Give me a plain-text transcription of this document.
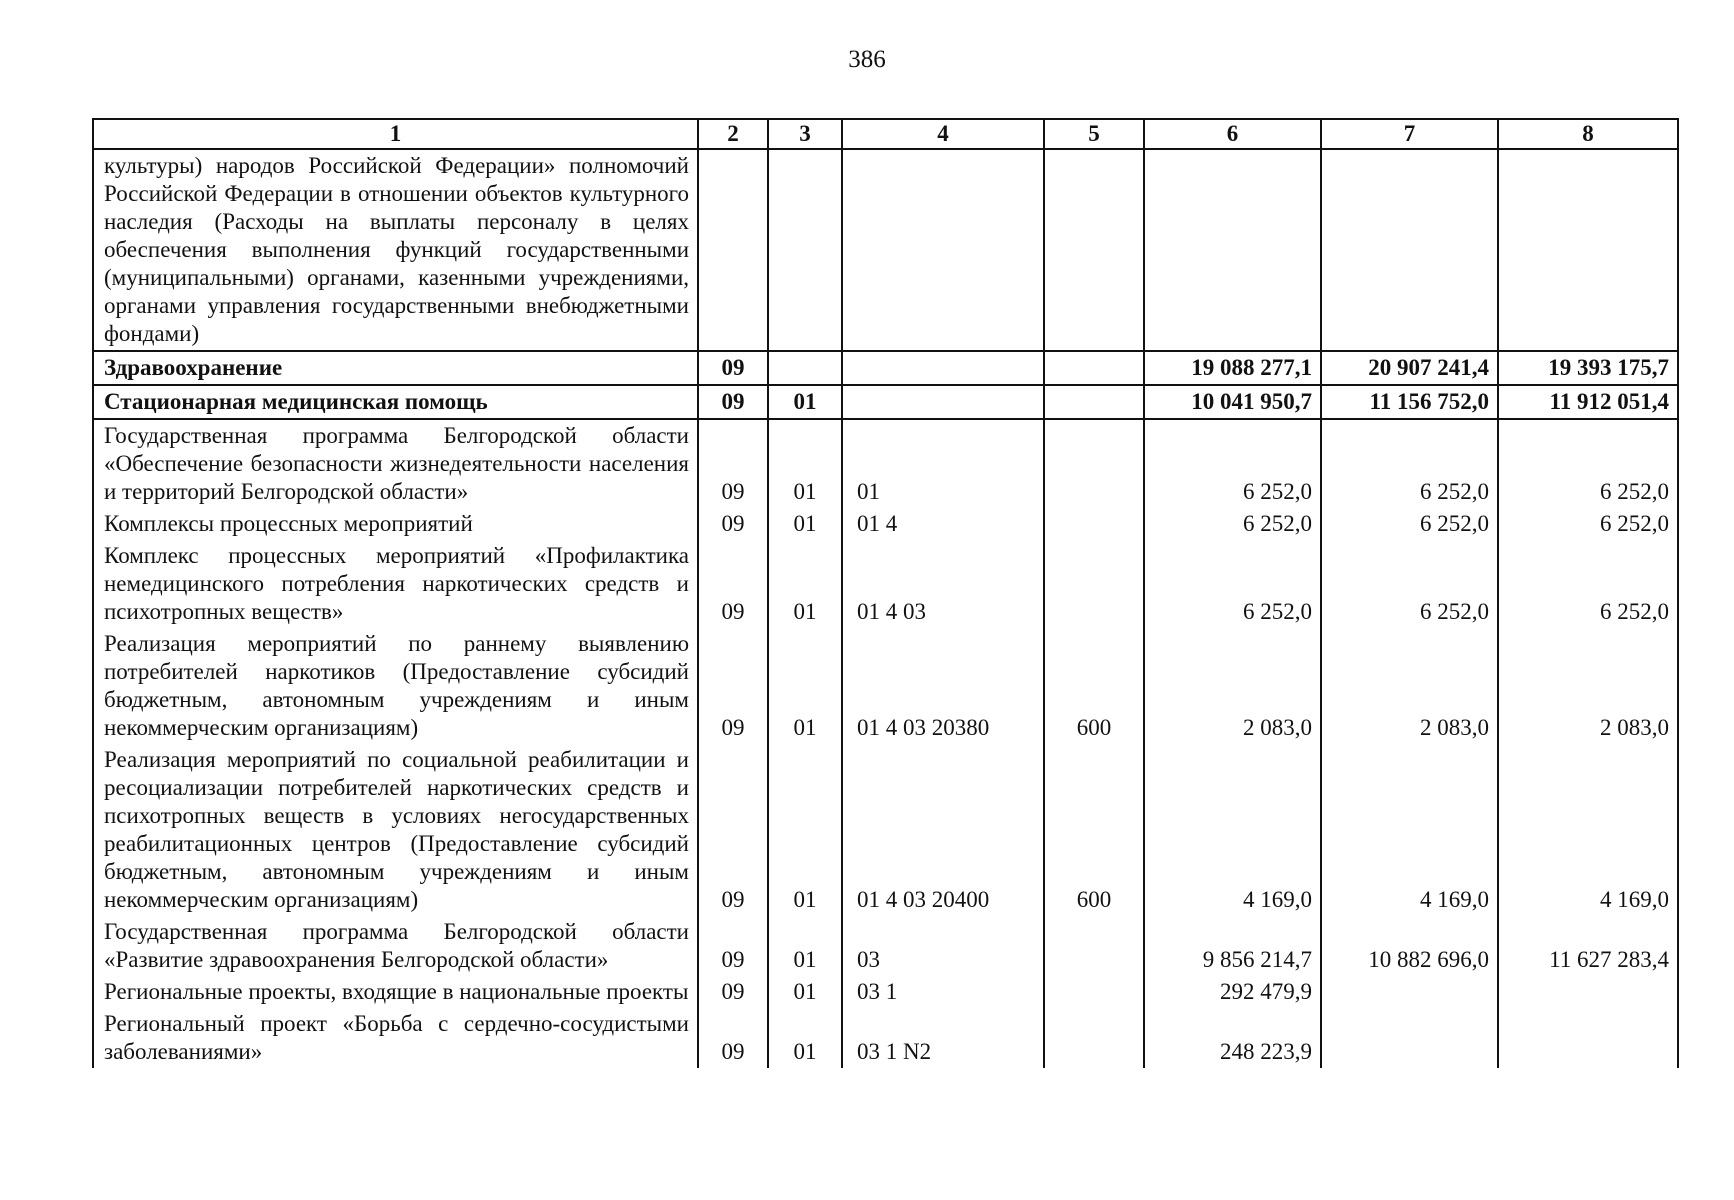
386
1	2	3	4	5	6	7	8
культуры) народов Российской Федерации» полномочий Российской Федерации в отношении объектов культурного наследия (Расходы на выплаты персоналу в целях обеспечения выполнения функций государственными (муниципальными) органами, казенными учреждениями, органами управления государственными внебюджетными фондами)							
Здравоохранение	09				19 088 277,1	20 907 241,4	19 393 175,7
Стационарная медицинская помощь	09	01			10 041 950,7	11 156 752,0	11 912 051,4
Государственная программа Белгородской области «Обеспечение безопасности жизнедеятельности населения и территорий Белгородской области»	09	01	01		6 252,0	6 252,0	6 252,0
Комплексы процессных мероприятий	09	01	01 4		6 252,0	6 252,0	6 252,0
Комплекс процессных мероприятий «Профилактика немедицинского потребления наркотических средств и психотропных веществ»	09	01	01 4 03		6 252,0	6 252,0	6 252,0
Реализация мероприятий по раннему выявлению потребителей наркотиков (Предоставление субсидий бюджетным, автономным учреждениям и иным некоммерческим организациям)	09	01	01 4 03 20380	600	2 083,0	2 083,0	2 083,0
Реализация мероприятий по социальной реабилитации и ресоциализации потребителей наркотических средств и психотропных веществ в условиях негосударственных реабилитационных центров (Предоставление субсидий бюджетным, автономным учреждениям и иным некоммерческим организациям)	09	01	01 4 03 20400	600	4 169,0	4 169,0	4 169,0
Государственная программа Белгородской области «Развитие здравоохранения Белгородской области»	09	01	03		9 856 214,7	10 882 696,0	11 627 283,4
Региональные проекты, входящие в национальные проекты	09	01	03 1		292 479,9		
Региональный проект «Борьба с сердечно-сосудистыми заболеваниями»	09	01	03 1 N2		248 223,9		
